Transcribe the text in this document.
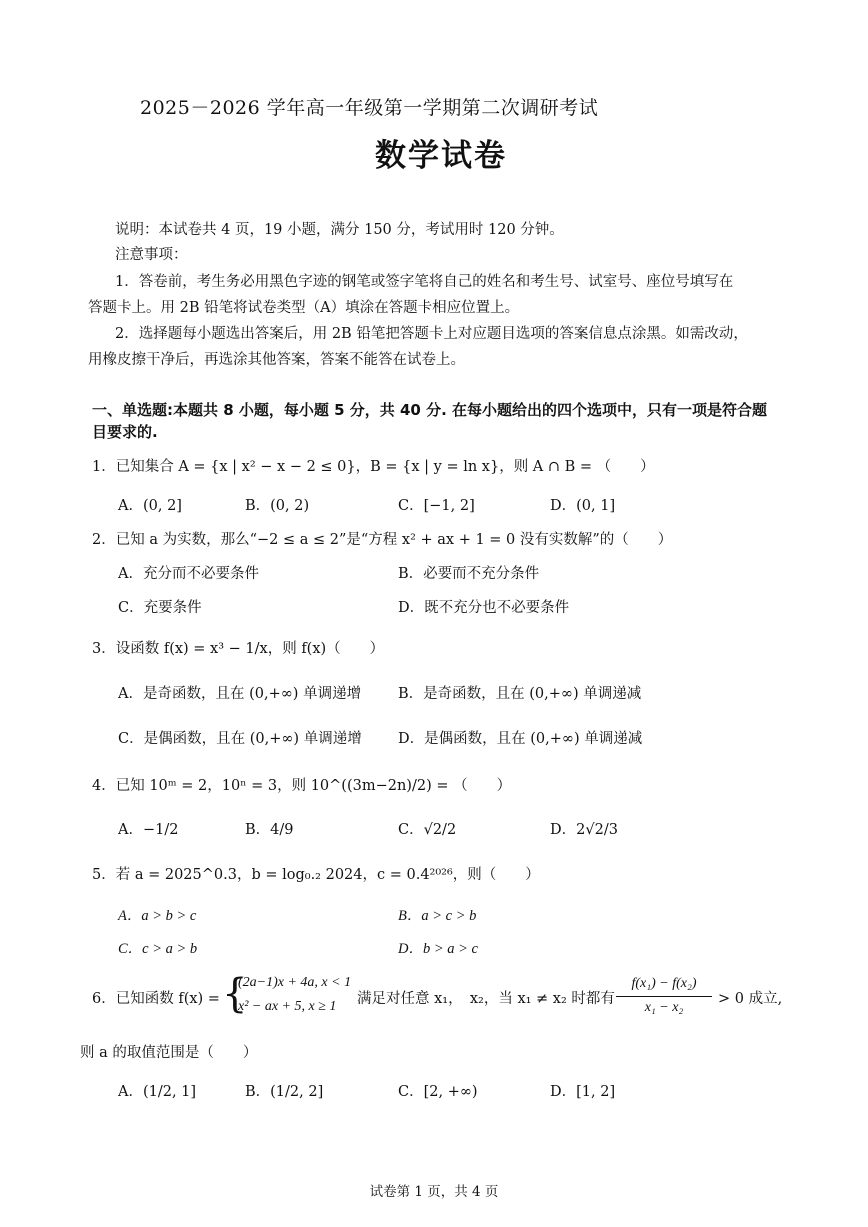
2025－2026 学年高一年级第一学期第二次调研考试
数学试卷
说明：本试卷共 4 页，19 小题，满分 150 分，考试用时 120 分钟。
注意事项：
1．答卷前，考生务必用黑色字迹的钢笔或签字笔将自己的姓名和考生号、试室号、座位号填写在
答题卡上。用 2B 铅笔将试卷类型（A）填涂在答题卡相应位置上。
2．选择题每小题选出答案后，用 2B 铅笔把答题卡上对应题目选项的答案信息点涂黑。如需改动，
用橡皮擦干净后，再选涂其他答案，答案不能答在试卷上。
一、单选题:本题共 8 小题，每小题 5 分，共 40 分. 在每小题给出的四个选项中，只有一项是符合题
目要求的.
1．已知集合 A = {x | x² − x − 2 ≤ 0}，B = {x | y = ln x}，则 A ∩ B = （　　）
A．(0, 2]	B．(0, 2)	C．[−1, 2]	D．(0, 1]
2．已知 a 为实数，那么“−2 ≤ a ≤ 2”是“方程 x² + ax + 1 = 0 没有实数解”的（　　）
A．充分而不必要条件	B．必要而不充分条件
C．充要条件	D．既不充分也不必要条件
3．设函数 f(x) = x³ − 1/x，则 f(x)（　　）
A．是奇函数，且在 (0,+∞) 单调递增	B．是奇函数，且在 (0,+∞) 单调递减
C．是偶函数，且在 (0,+∞) 单调递增	D．是偶函数，且在 (0,+∞) 单调递减
4．已知 10ᵐ = 2，10ⁿ = 3，则 10^((3m−2n)/2) = （　　）
A．−1/2	B．4/9	C．√2/2	D．2√2/3
5．若 a = 2025^0.3，b = log₀.₂ 2024，c = 0.4²⁰²⁶，则（　　）
A．a > b > c	B．a > c > b
C．c > a > b	D．b > a > c
6．已知函数 f(x) = {
(2a−1)x + 4a, x < 1
x² − ax + 5, x ≥ 1 满足对任意 x₁，　x₂，当 x₁ ≠ x₂ 时都有
f(x₁) − f(x₂)
x₁ − x₂
> 0 成立,
则 a 的取值范围是（　　）
A．(1/2, 1]	B．(1/2, 2]	C．[2, +∞)	D．[1, 2]
试卷第 1 页，共 4 页
